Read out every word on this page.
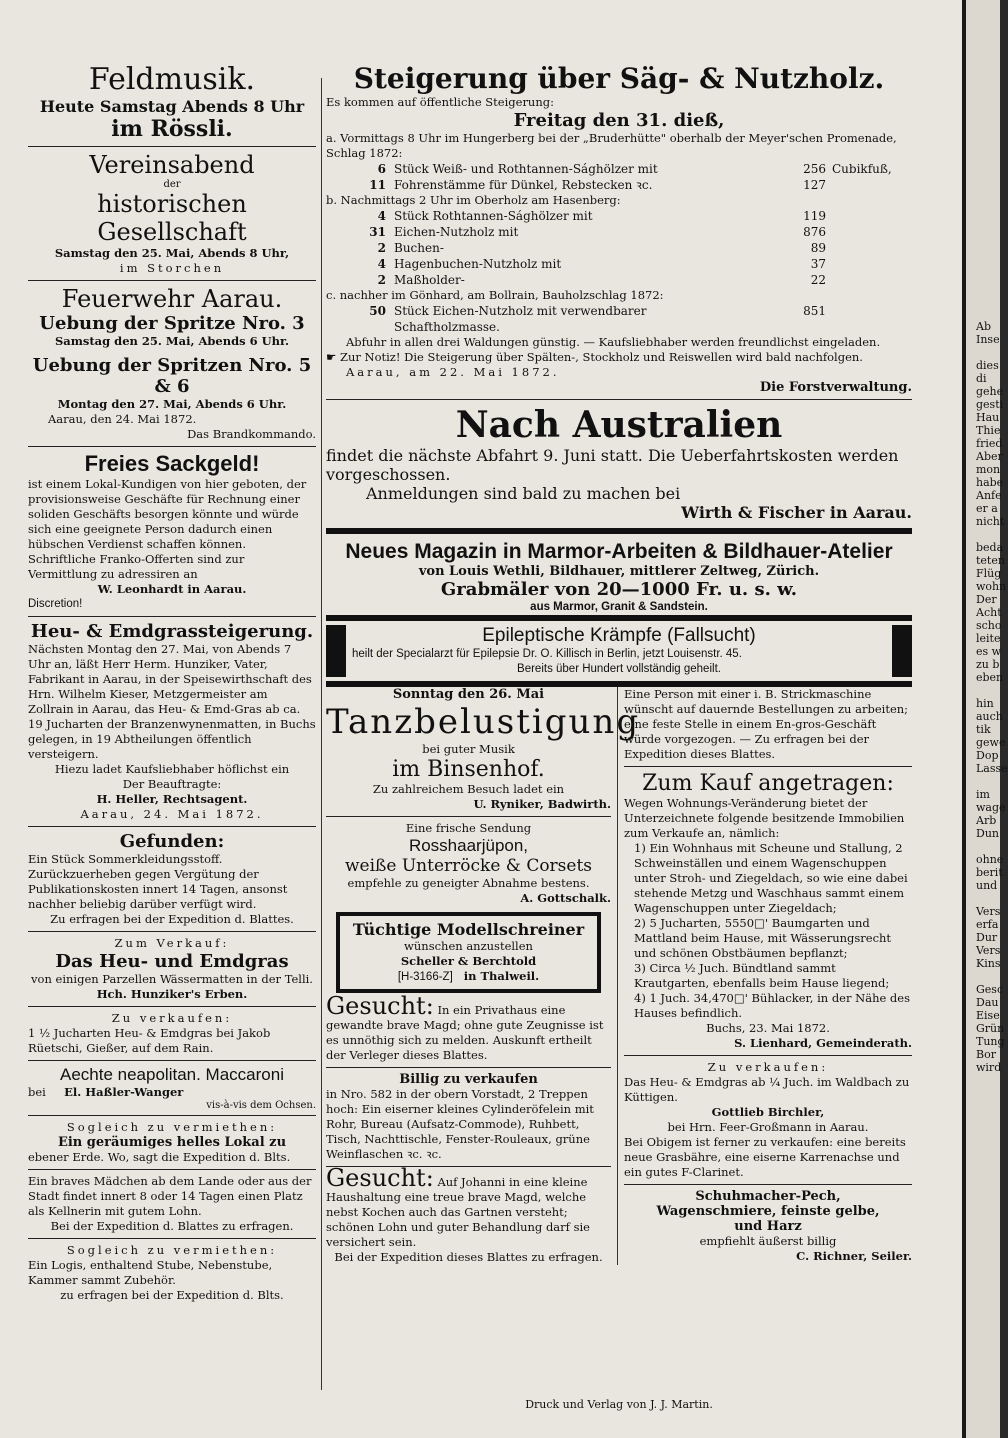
Feldmusik.

Heute Samstag Abends 8 Uhr

im Rössli.

Vereinsabend

der

historischen Gesellschaft

Samstag den 25. Mai, Abends 8 Uhr,

im Storchen

Feuerwehr Aarau.

Uebung der Spritze Nro. 3

Samstag den 25. Mai, Abends 6 Uhr.

Uebung der Spritzen Nro. 5 & 6

Montag den 27. Mai, Abends 6 Uhr.

Aarau, den 24. Mai 1872.

Das Brandkommando.

Freies Sackgeld!

ist einem Lokal-Kundigen von hier geboten, der provisionsweise Geschäfte für Rechnung einer soliden Geschäfts besorgen könnte und würde sich eine geeignete Person dadurch einen hübschen Verdienst schaffen können.

Schriftliche Franko-Offerten sind zur Vermittlung zu adressiren an

W. Leonhardt in Aarau.

Discretion!

Heu- & Emdgrassteigerung.

Nächsten Montag den 27. Mai, von Abends 7 Uhr an, läßt Herr Herm. Hunziker, Vater, Fabrikant in Aarau, in der Speisewirthschaft des Hrn. Wilhelm Kieser, Metzgermeister am Zollrain in Aarau, das Heu- & Emd-Gras ab ca. 19 Jucharten der Branzenwynenmatten, in Buchs gelegen, in 19 Abtheilungen öffentlich versteigern.

Hiezu ladet Kaufsliebhaber höflichst ein

Der Beauftragte:

H. Heller, Rechtsagent.

Aarau, 24. Mai 1872.

Gefunden:

Ein Stück Sommerkleidungsstoff. Zurückzuerheben gegen Vergütung der Publikationskosten innert 14 Tagen, ansonst nachher beliebig darüber verfügt wird.

Zu erfragen bei der Expedition d. Blattes.

Zum Verkauf:

Das Heu- und Emdgras

von einigen Parzellen Wässermatten in der Telli.

Hch. Hunziker's Erben.

Zu verkaufen:

1 ½ Jucharten Heu- & Emdgras bei Jakob Rüetschi, Gießer, auf dem Rain.

Aechte neapolitan. Maccaroni

bei El. Haßler-Wanger

vis-à-vis dem Ochsen.

Sogleich zu vermiethen:

Ein geräumiges helles Lokal zu

ebener Erde. Wo, sagt die Expedition d. Blts.

Ein braves Mädchen ab dem Lande oder aus der Stadt findet innert 8 oder 14 Tagen einen Platz als Kellnerin mit gutem Lohn.

Bei der Expedition d. Blattes zu erfragen.

Sogleich zu vermiethen:

Ein Logis, enthaltend Stube, Nebenstube, Kammer sammt Zubehör.

zu erfragen bei der Expedition d. Blts.

Steigerung über Säg- & Nutzholz.

Es kommen auf öffentliche Steigerung:

Freitag den 31. dieß,

a. Vormittags 8 Uhr im Hungerberg bei der „Bruderhütte" oberhalb der Meyer'schen Promenade, Schlag 1872:

6 Stück Weiß- und Rothtannen-Sághölzer mit	256 Cubikfuß,
11 Fohrenstämme für Dünkel, Rebstecken ꝛc.	127

b. Nachmittags 2 Uhr im Oberholz am Hasenberg:

4 Stück Rothtannen-Sághölzer mit	119
31 Eichen-Nutzholz mit	876
2 Buchen-	89
4 Hagenbuchen-Nutzholz mit	37
2 Maßholder-	22

c. nachher im Gönhard, am Bollrain, Bauholzschlag 1872:

50 Stück Eichen-Nutzholz mit verwendbarer Schaftholzmasse.
851

Abfuhr in allen drei Waldungen günstig. — Kaufsliebhaber werden freundlichst eingeladen.

☛ Zur Notiz! Die Steigerung über Spälten-, Stockholz und Reiswellen wird bald nachfolgen.

Aarau, am 22. Mai 1872.

Die Forstverwaltung.

Nach Australien

findet die nächste Abfahrt 9. Juni statt. Die Ueberfahrtskosten werden vorgeschossen.

Anmeldungen sind bald zu machen bei

Wirth & Fischer in Aarau.

Neues Magazin in Marmor-Arbeiten & Bildhauer-Atelier

von Louis Wethli, Bildhauer, mittlerer Zeltweg, Zürich.

Grabmäler von 20—1000 Fr. u. s. w.

aus Marmor, Granit & Sandstein.

Epileptische Krämpfe (Fallsucht)

heilt der Specialarzt für Epilepsie Dr. O. Killisch in Berlin, jetzt Louisenstr. 45.

Bereits über Hundert vollständig geheilt.

Sonntag den 26. Mai

Tanzbelustigung

bei guter Musik

im Binsenhof.

Zu zahlreichem Besuch ladet ein

U. Ryniker, Badwirth.

Eine frische Sendung

Rosshaarjüpon,

weiße Unterröcke & Corsets

empfehle zu geneigter Abnahme bestens.

A. Gottschalk.

Tüchtige Modellschreiner

wünschen anzustellen

Scheller & Berchtold

[H-3166-Z] in Thalweil.

Gesucht: In ein Privathaus eine gewandte brave Magd; ohne gute Zeugnisse ist es unnöthig sich zu melden. Auskunft ertheilt der Verleger dieses Blattes.

Billig zu verkaufen

in Nro. 582 in der obern Vorstadt, 2 Treppen hoch: Ein eiserner kleines Cylinderöfelein mit Rohr, Bureau (Aufsatz-Commode), Ruhbett, Tisch, Nachttischle, Fenster-Rouleaux, grüne Weinflaschen ꝛc. ꝛc.

Gesucht: Auf Johanni in eine kleine Haushaltung eine treue brave Magd, welche nebst Kochen auch das Gartnen versteht; schönen Lohn und guter Behandlung darf sie versichert sein.

Bei der Expedition dieses Blattes zu erfragen.

Eine Person mit einer i. B. Strickmaschine wünscht auf dauernde Bestellungen zu arbeiten; eine feste Stelle in einem En-gros-Geschäft würde vorgezogen. — Zu erfragen bei der Expedition dieses Blattes.

Zum Kauf angetragen:

Wegen Wohnungs-Veränderung bietet der Unterzeichnete folgende besitzende Immobilien zum Verkaufe an, nämlich:

1) Ein Wohnhaus mit Scheune und Stallung, 2 Schweinställen und einem Wagenschuppen unter Stroh- und Ziegeldach, so wie eine dabei stehende Metzg und Waschhaus sammt einem Wagenschuppen unter Ziegeldach;

2) 5 Jucharten, 5550□' Baumgarten und Mattland beim Hause, mit Wässerungsrecht und schönen Obstbäumen bepflanzt;

3) Circa ½ Juch. Bündtland sammt Krautgarten, ebenfalls beim Hause liegend;

4) 1 Juch. 34,470□' Bühlacker, in der Nähe des Hauses befindlich.

Buchs, 23. Mai 1872.

S. Lienhard, Gemeinderath.

Zu verkaufen:

Das Heu- & Emdgras ab ¼ Juch. im Waldbach zu Küttigen.

Gottlieb Birchler,

bei Hrn. Feer-Großmann in Aarau.

Bei Obigem ist ferner zu verkaufen: eine bereits neue Grasbähre, eine eiserne Karrenachse und ein gutes F-Clarinet.

Schuhmacher-Pech,

Wagenschmiere, feinste gelbe,

und Harz

empfiehlt äußerst billig

C. Richner, Seiler.

Druck und Verlag von J. J. Martin.
Ab
Inse

dies
di
gehe
gesti
Hau
Thie
fried
Aber
mon
habe
Anfe
er a
nicht

beda
teten
Flüg
wohn
Der
Acht
scho
leite
es w
zu b
eben

hin
auch
tik
gewe
Dop
Lasse

im
wage
Arb
Dun

ohne
berit
und

Vers
erfa
Dur
Vers
Kins

Gesc
Dau
Eise
Grün
Tung
Bor
wird
